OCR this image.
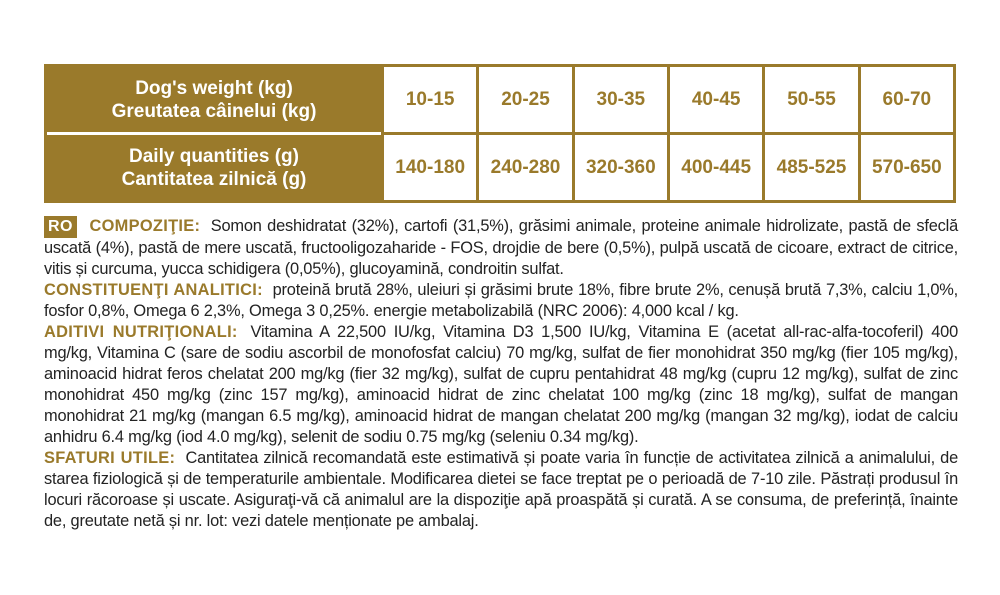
Dog's weight (kg)
Greutatea câinelui (kg)
10-15	20-25	30-35	40-45	50-55	60-70
Daily quantities (g)
Cantitatea zilnică (g)
140-180	240-280	320-360	400-445	485-525	570-650

RO COMPOZIŢIE: Somon deshidratat (32%), cartofi (31,5%), grăsimi animale, proteine animale hidrolizate, pastă de sfeclă uscată (4%), pastă de mere uscată, fructooligozaharide - FOS, drojdie de bere (0,5%), pulpă uscată de cicoare, extract de citrice, vitis și curcuma, yucca schidigera (0,05%), glucoyamină, condroitin sulfat.

CONSTITUENŢI ANALITICI: proteină brută 28%, uleiuri și grăsimi brute 18%, fibre brute 2%, cenușă brută 7,3%, calciu 1,0%, fosfor 0,8%, Omega 6 2,3%, Omega 3 0,25%. energie metabolizabilă (NRC 2006): 4,000 kcal / kg.

ADITIVI NUTRIŢIONALI: Vitamina A 22,500 IU/kg, Vitamina D3 1,500 IU/kg, Vitamina E (acetat all-rac-alfa-tocoferil) 400 mg/kg, Vitamina C (sare de sodiu ascorbil de monofosfat calciu) 70 mg/kg, sulfat de fier monohidrat 350 mg/kg (fier 105 mg/kg), aminoacid hidrat feros chelatat 200 mg/kg (fier 32 mg/kg), sulfat de cupru pentahidrat 48 mg/kg (cupru 12 mg/kg), sulfat de zinc monohidrat 450 mg/kg (zinc 157 mg/kg), aminoacid hidrat de zinc chelatat 100 mg/kg (zinc 18 mg/kg), sulfat de mangan monohidrat 21 mg/kg (mangan 6.5 mg/kg), aminoacid hidrat de mangan chelatat 200 mg/kg (mangan 32 mg/kg), iodat de calciu anhidru 6.4 mg/kg (iod 4.0 mg/kg), selenit de sodiu 0.75 mg/kg (seleniu 0.34 mg/kg).

SFATURI UTILE: Cantitatea zilnică recomandată este estimativă și poate varia în funcție de activitatea zilnică a animalului, de starea fiziologică și de temperaturile ambientale. Modificarea dietei se face treptat pe o perioadă de 7-10 zile. Păstrați produsul în locuri răcoroase și uscate. Asiguraţi-vă că animalul are la dispoziţie apă proaspătă și curată. A se consuma, de preferință, înainte de, greutate netă și nr. lot: vezi datele menționate pe ambalaj.
